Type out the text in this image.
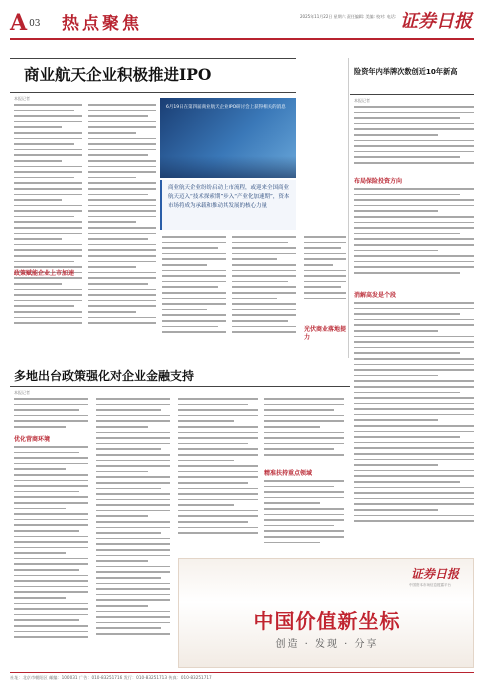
A 03 热点聚焦	2025年11月22日 星期六 责任编辑: 美编: 校对: 电话: 证券日报
商业航天企业积极推进IPO
本报记者
政策赋能企业上市加速
6月19日在第四届商业航天企业IPO研讨会上获得相关的消息
商业航天企业纷纷启动上市流程，或迎来全国商业航天迈入“技术探索期”步入“产业化加速期”，资本市场将成为承载和推动其发展的核心力量
光伏商业落地提力
险资年内举牌次数创近10年新高
本报记者
布局保险投资方向
消解高发是个段
多地出台政策强化对企业金融支持
本报记者
优化营商环境
精准扶持重点领域
证券日报
中国资本市场信息披露平台
中国价值新坐标
创造 · 发现 · 分享
社址：北京市朝阳区 邮编：100031 广告：010-83251716 发行：010-83251713 传真：010-83251717
